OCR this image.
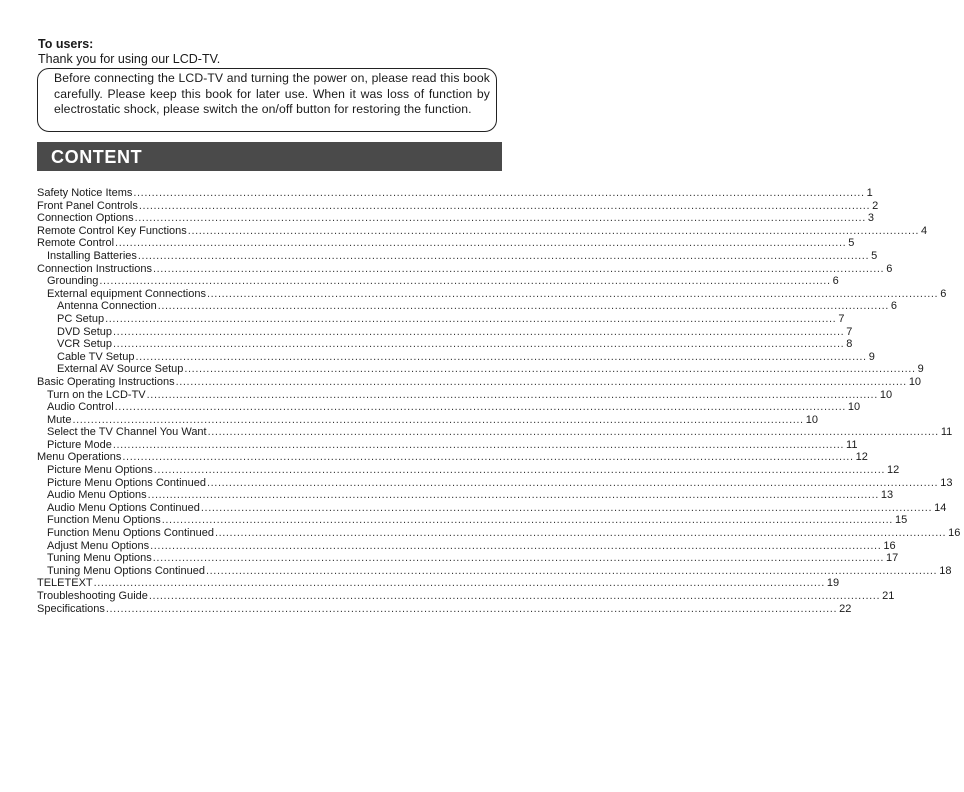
To users:
Thank you for using our LCD-TV.
Before connecting the LCD-TV and turning the power on, please read this book carefully. Please keep this book for later use. When it was loss of function by electrostatic shock, please switch the on/off button for restoring the function.
CONTENT
Safety Notice Items ........................................................................................................................................................................................................ 1
Front Panel Controls ........................................................................................................................................................................................................ 2
Connection Options ........................................................................................................................................................................................................ 3
Remote Control Key Functions ........................................................................................................................................................................................................ 4
Remote Control ........................................................................................................................................................................................................ 5
Installing Batteries ........................................................................................................................................................................................................ 5
Connection Instructions ........................................................................................................................................................................................................ 6
Grounding ........................................................................................................................................................................................................ 6
External equipment Connections ........................................................................................................................................................................................................ 6
Antenna Connection ........................................................................................................................................................................................................ 6
PC Setup ........................................................................................................................................................................................................ 7
DVD Setup ........................................................................................................................................................................................................ 7
VCR Setup ........................................................................................................................................................................................................ 8
Cable TV Setup ........................................................................................................................................................................................................ 9
External AV Source Setup ........................................................................................................................................................................................................ 9
Basic Operating Instructions ........................................................................................................................................................................................................ 10
Turn on the LCD-TV ........................................................................................................................................................................................................ 10
Audio Control ........................................................................................................................................................................................................ 10
Mute ........................................................................................................................................................................................................ 10
Select the TV Channel You Want ........................................................................................................................................................................................................ 11
Picture Mode ........................................................................................................................................................................................................ 11
Menu Operations ........................................................................................................................................................................................................ 12
Picture Menu Options ........................................................................................................................................................................................................ 12
Picture Menu Options Continued ........................................................................................................................................................................................................ 13
Audio Menu Options ........................................................................................................................................................................................................ 13
Audio Menu Options Continued ........................................................................................................................................................................................................ 14
Function Menu Options ........................................................................................................................................................................................................ 15
Function Menu Options Continued ........................................................................................................................................................................................................ 16
Adjust Menu Options ........................................................................................................................................................................................................ 16
Tuning Menu Options ........................................................................................................................................................................................................ 17
Tuning Menu Options Continued ........................................................................................................................................................................................................ 18
TELETEXT ........................................................................................................................................................................................................ 19
Troubleshooting Guide ........................................................................................................................................................................................................ 21
Specifications ........................................................................................................................................................................................................ 22
